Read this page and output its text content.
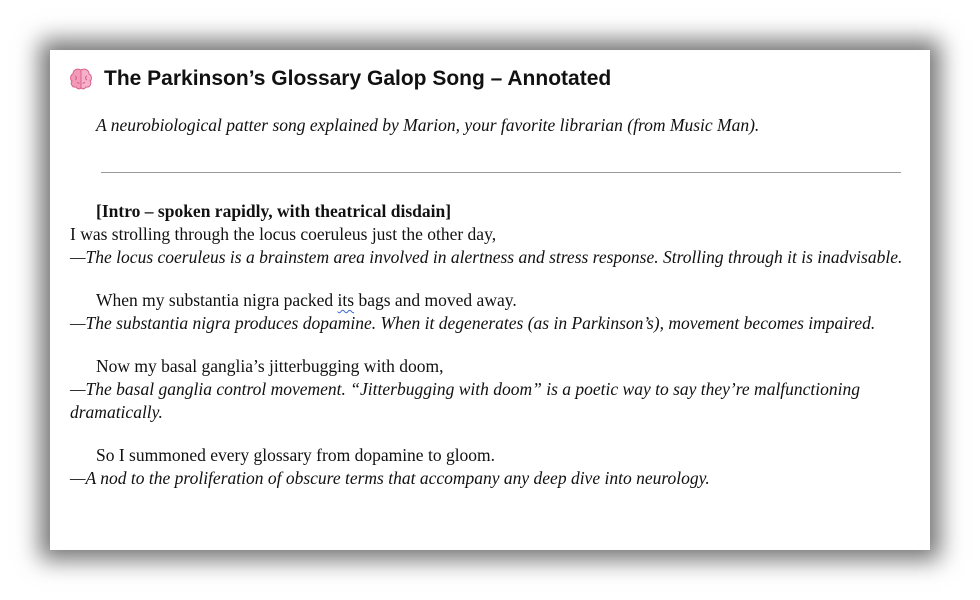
The Parkinson’s Glossary Galop Song – Annotated
A neurobiological patter song explained by Marion, your favorite librarian (from Music Man).
[Intro – spoken rapidly, with theatrical disdain]
I was strolling through the locus coeruleus just the other day,
—The locus coeruleus is a brainstem area involved in alertness and stress response. Strolling through it is inadvisable.
When my substantia nigra packed its bags and moved away.
—The substantia nigra produces dopamine. When it degenerates (as in Parkinson’s), movement becomes impaired.
Now my basal ganglia’s jitterbugging with doom,
—The basal ganglia control movement. “Jitterbugging with doom” is a poetic way to say they’re malfunctioning dramatically.
So I summoned every glossary from dopamine to gloom.
—A nod to the proliferation of obscure terms that accompany any deep dive into neurology.
